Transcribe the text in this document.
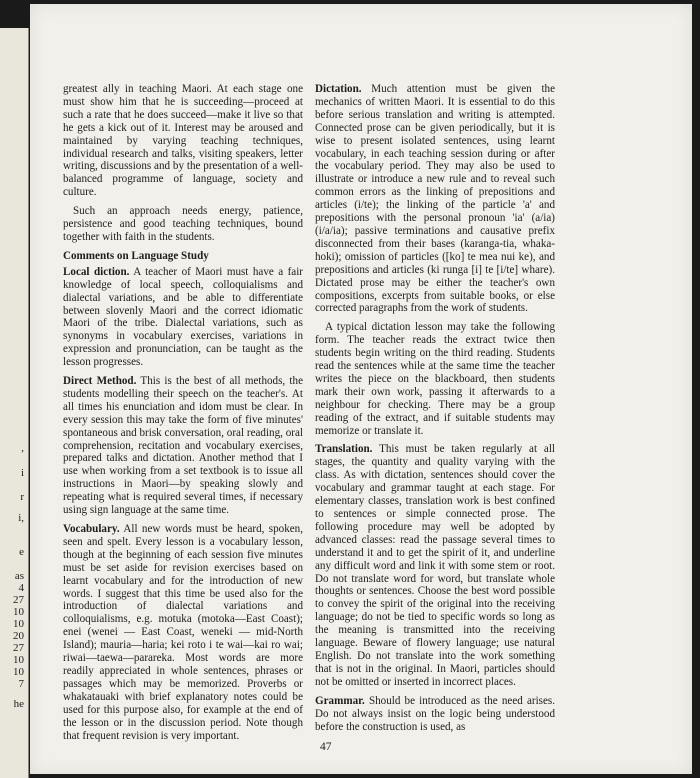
,
i
r
i,
e
as
4
27
10
10
20
27
10
10
7
he

greatest ally in teaching Maori. At each stage one must show him that he is succeeding—proceed at such a rate that he does succeed—make it live so that he gets a kick out of it. Interest may be aroused and maintained by varying teaching techniques, individual research and talks, visiting speakers, letter writing, discussions and by the presentation of a well-balanced programme of language, society and culture.

Such an approach needs energy, patience, persistence and good teaching techniques, bound together with faith in the students.

Comments on Language Study

Local diction. A teacher of Maori must have a fair knowledge of local speech, colloquialisms and dialectal variations, and be able to differentiate between slovenly Maori and the correct idiomatic Maori of the tribe. Dialectal variations, such as synonyms in vocabulary exercises, variations in expression and pronunciation, can be taught as the lesson progresses.

Direct Method. This is the best of all methods, the students modelling their speech on the teacher's. At all times his enunciation and idom must be clear. In every session this may take the form of five minutes' spontaneous and brisk conversation, oral reading, oral comprehension, recitation and vocabulary exercises, prepared talks and dictation. Another method that I use when working from a set textbook is to issue all instructions in Maori—by speaking slowly and repeating what is required several times, if necessary using sign language at the same time.

Vocabulary. All new words must be heard, spoken, seen and spelt. Every lesson is a vocabulary lesson, though at the beginning of each session five minutes must be set aside for revision exercises based on learnt vocabulary and for the introduction of new words. I suggest that this time be used also for the introduction of dialectal variations and colloquialisms, e.g. motuka (motoka—East Coast); enei (wenei — East Coast, weneki — mid-North Island); mauria—haria; kei roto i te wai—kai ro wai; riwai—taewa—parareka. Most words are more readily appreciated in whole sentences, phrases or passages which may be memorized. Proverbs or whakatauaki with brief explanatory notes could be used for this purpose also, for example at the end of the lesson or in the discussion period. Note though that frequent revision is very important.

Dictation. Much attention must be given the mechanics of written Maori. It is essential to do this before serious translation and writing is attempted. Connected prose can be given periodically, but it is wise to present isolated sentences, using learnt vocabulary, in each teaching session during or after the vocabulary period. They may also be used to illustrate or introduce a new rule and to reveal such common errors as the linking of prepositions and articles (i/te); the linking of the particle 'a' and prepositions with the personal pronoun 'ia' (a/ia) (i/a/ia); passive terminations and causative prefix disconnected from their bases (karanga-tia, whaka-hoki); omission of particles ([ko] te mea nui ke), and prepositions and articles (ki runga [i] te [i/te] whare). Dictated prose may be either the teacher's own compositions, excerpts from suitable books, or else corrected paragraphs from the work of students.

A typical dictation lesson may take the following form. The teacher reads the extract twice then students begin writing on the third reading. Students read the sentences while at the same time the teacher writes the piece on the blackboard, then students mark their own work, passing it afterwards to a neighbour for checking. There may be a group reading of the extract, and if suitable students may memorize or translate it.

Translation. This must be taken regularly at all stages, the quantity and quality varying with the class. As with dictation, sentences should cover the vocabulary and grammar taught at each stage. For elementary classes, translation work is best confined to sentences or simple connected prose. The following procedure may well be adopted by advanced classes: read the passage several times to understand it and to get the spirit of it, and underline any difficult word and link it with some stem or root. Do not translate word for word, but translate whole thoughts or sentences. Choose the best word possible to convey the spirit of the original into the receiving language; do not be tied to specific words so long as the meaning is transmitted into the receiving language. Beware of flowery language; use natural English. Do not translate into the work something that is not in the original. In Maori, particles should not be omitted or inserted in incorrect places.

Grammar. Should be introduced as the need arises. Do not always insist on the logic being understood before the construction is used, as

47
